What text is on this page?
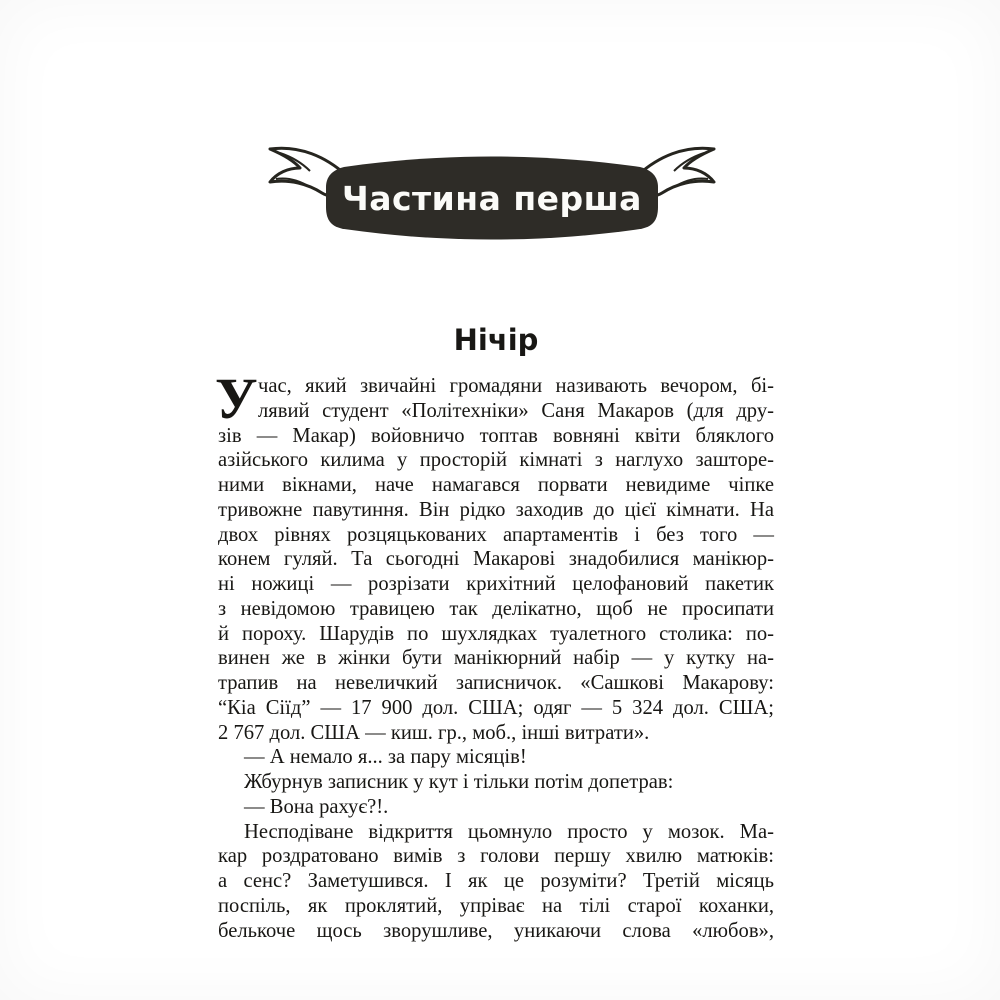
Частина перша
Нічір
У час, який звичайні громадяни називають вечором, бі-
лявий студент «Політехніки» Саня Макаров (для дру-
зів — Макар) войовничо топтав вовняні квіти бляклого
азійського килима у просторій кімнаті з наглухо зашторе-
ними вікнами, наче намагався порвати невидиме чіпке
тривожне павутиння. Він рідко заходив до цієї кімнати. На
двох рівнях розцяцькованих апартаментів і без того —
конем гуляй. Та сьогодні Макарові знадобилися манікюр-
ні ножиці — розрізати крихітний целофановий пакетик
з невідомою травицею так делікатно, щоб не просипати
й пороху. Шарудів по шухлядках туалетного столика: по-
винен же в жінки бути манікюрний набір — у кутку на-
трапив на невеличкий записничок. «Сашкові Макарову:
“Кіа Сіїд” — 17 900 дол. США; одяг — 5 324 дол. США;
2 767 дол. США — киш. гр., моб., інші витрати».
— А немало я... за пару місяців!
Жбурнув записник у кут і тільки потім допетрав:
— Вона рахує?!.
Несподіване відкриття цьомнуло просто у мозок. Ма-
кар роздратовано вимів з голови першу хвилю матюків:
а сенс? Заметушився. І як це розуміти? Третій місяць
поспіль, як проклятий, упріває на тілі старої коханки,
белькоче щось зворушливе, уникаючи слова «любов»,
